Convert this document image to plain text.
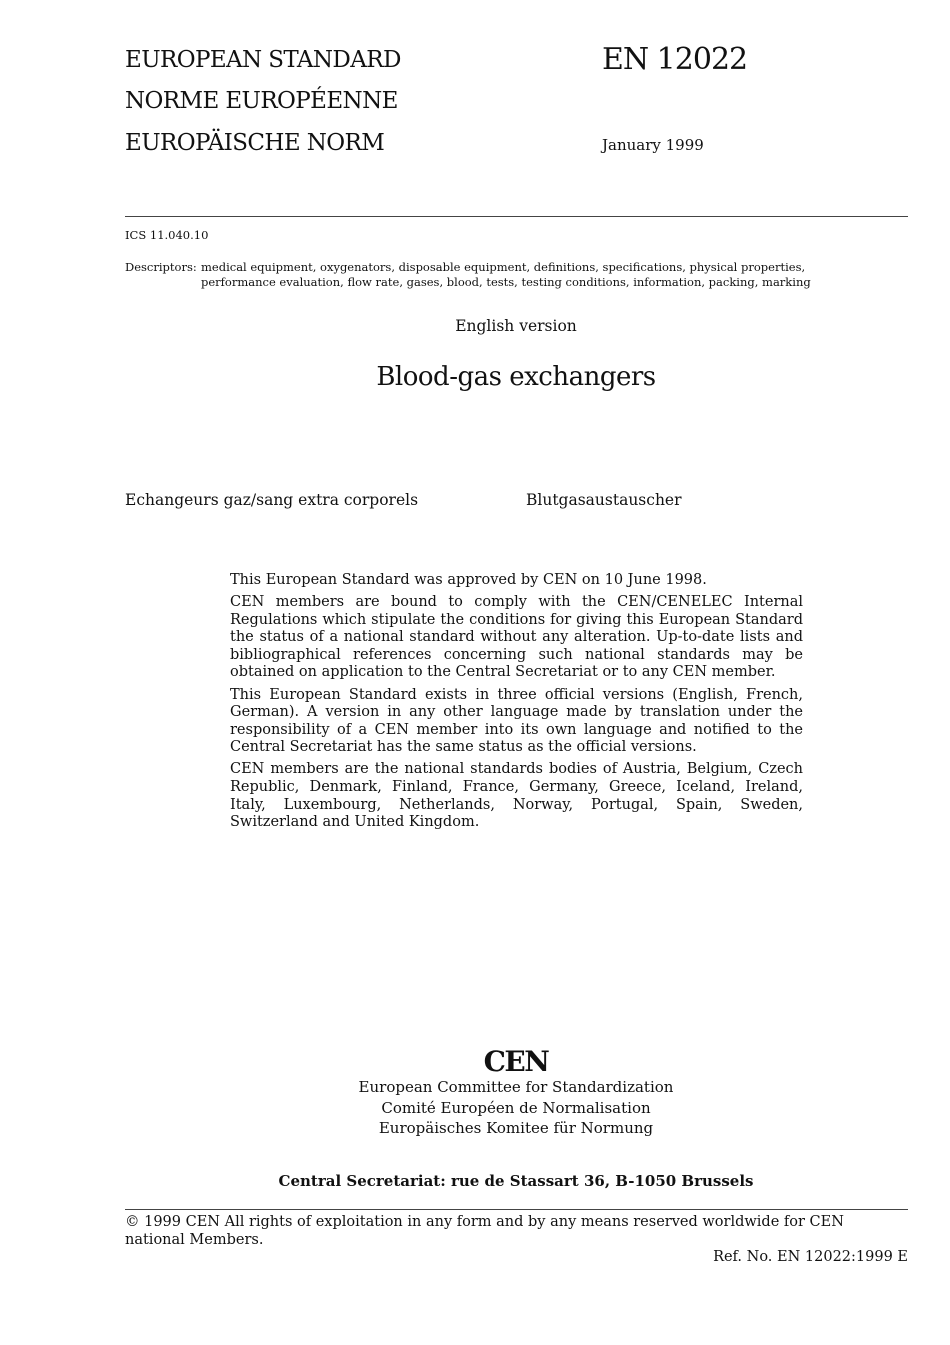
EUROPEAN STANDARD
NORME EUROPÉENNE
EUROPÄISCHE NORM
EN 12022
January 1999
ICS 11.040.10
Descriptors: medical equipment, oxygenators, disposable equipment, definitions, specifications, physical properties,
performance evaluation, flow rate, gases, blood, tests, testing conditions, information, packing, marking
English version
Blood-gas exchangers
Echangeurs gaz/sang extra corporels	Blutgasaustauscher

This European Standard was approved by CEN on 10 June 1998.

CEN members are bound to comply with the CEN/CENELEC Internal Regulations which stipulate the conditions for giving this European Standard the status of a national standard without any alteration. Up-to-date lists and bibliographical references concerning such national standards may be obtained on application to the Central Secretariat or to any CEN member.

This European Standard exists in three official versions (English, French, German). A version in any other language made by translation under the responsibility of a CEN member into its own language and notified to the Central Secretariat has the same status as the official versions.

CEN members are the national standards bodies of Austria, Belgium, Czech Republic, Denmark, Finland, France, Germany, Greece, Iceland, Ireland, Italy, Luxembourg, Netherlands, Norway, Portugal, Spain, Sweden, Switzerland and United Kingdom.

CEN
European Committee for Standardization
Comité Européen de Normalisation
Europäisches Komitee für Normung
Central Secretariat: rue de Stassart 36, B-1050 Brussels
© 1999 CEN All rights of exploitation in any form and by any means reserved worldwide for CEN national Members.
Ref. No. EN 12022:1999 E
